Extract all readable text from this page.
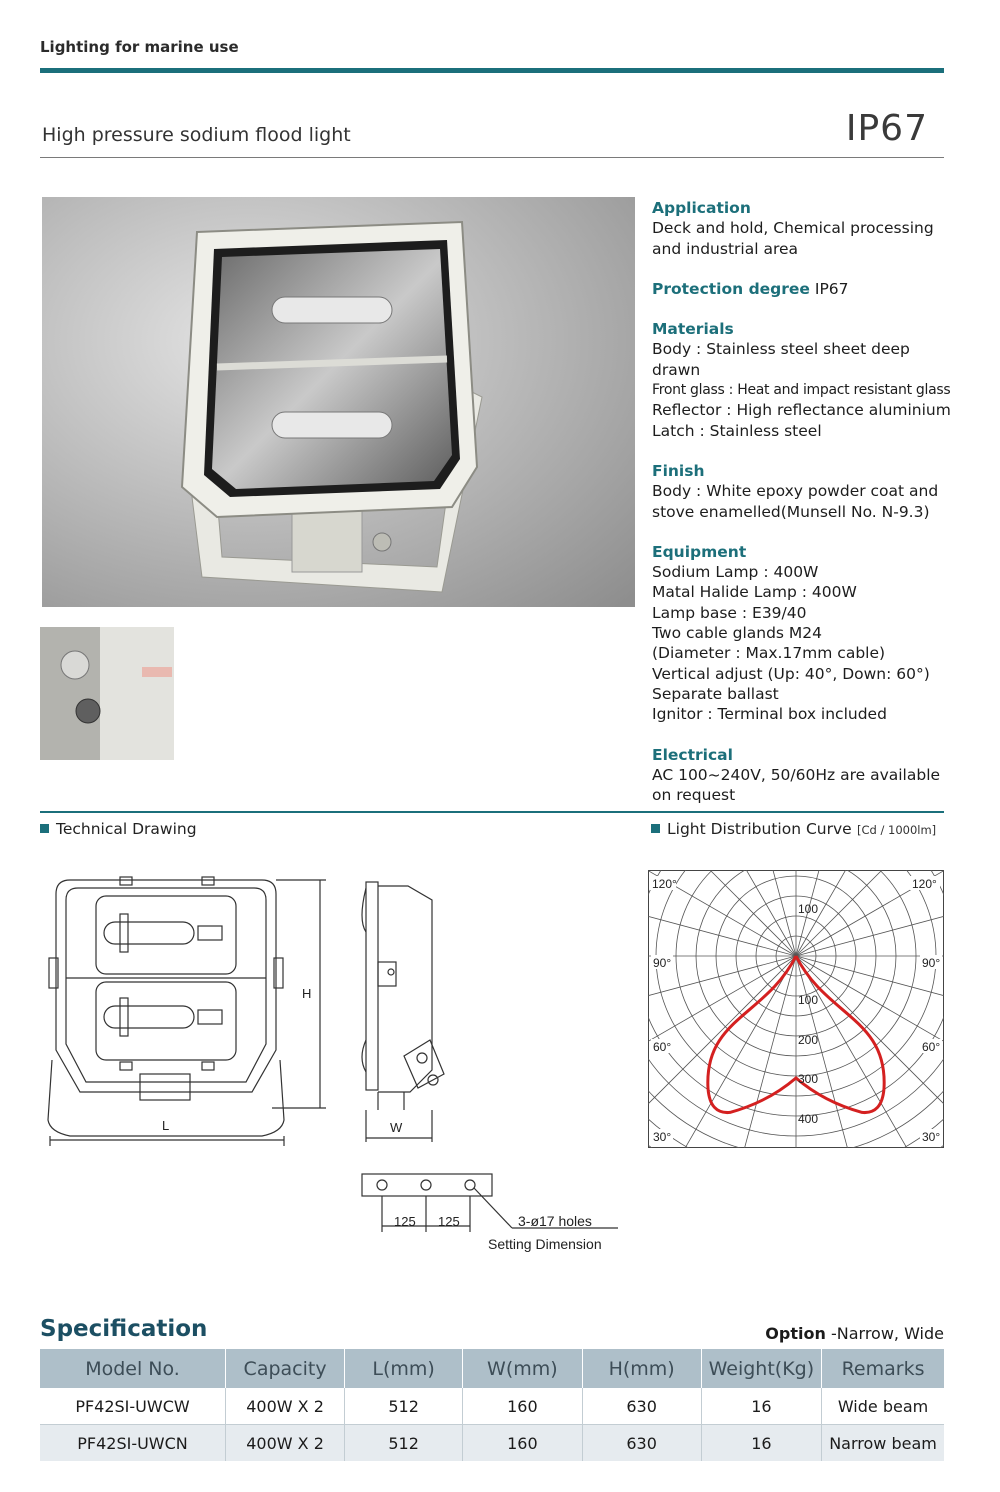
Lighting for marine use
High pressure sodium flood light	IP67
Application
Deck and hold, Chemical processing
and industrial area
Protection degree IP67
Materials
Body : Stainless steel sheet deep drawn
Front glass : Heat and impact resistant glass
Reflector : High reflectance aluminium
Latch : Stainless steel
Finish
Body : White epoxy powder coat and
stove enamelled(Munsell No. N-9.3)
Equipment
Sodium Lamp : 400W
Matal Halide Lamp : 400W
Lamp base : E39/40
Two cable glands M24
(Diameter : Max.17mm cable)
Vertical adjust (Up: 40°, Down: 60°)
Separate ballast
Ignitor : Terminal box included
Electrical
AC 100~240V, 50/60Hz are available
on request
Technical Drawing	Light Distribution Curve [Cd / 1000lm]
H
L	W
125 125	3-ø17 holes
Setting Dimension
120°	120°
90°	90°
60°	60°
30°	30°
100
100
200
300
400
Specification	Option -Narrow, Wide
Model No.	Capacity	L(mm)	W(mm)	H(mm)	Weight(Kg)	Remarks
PF42SI-UWCW	400W X 2	512	160	630	16	Wide beam
PF42SI-UWCN	400W X 2	512	160	630	16	Narrow beam
